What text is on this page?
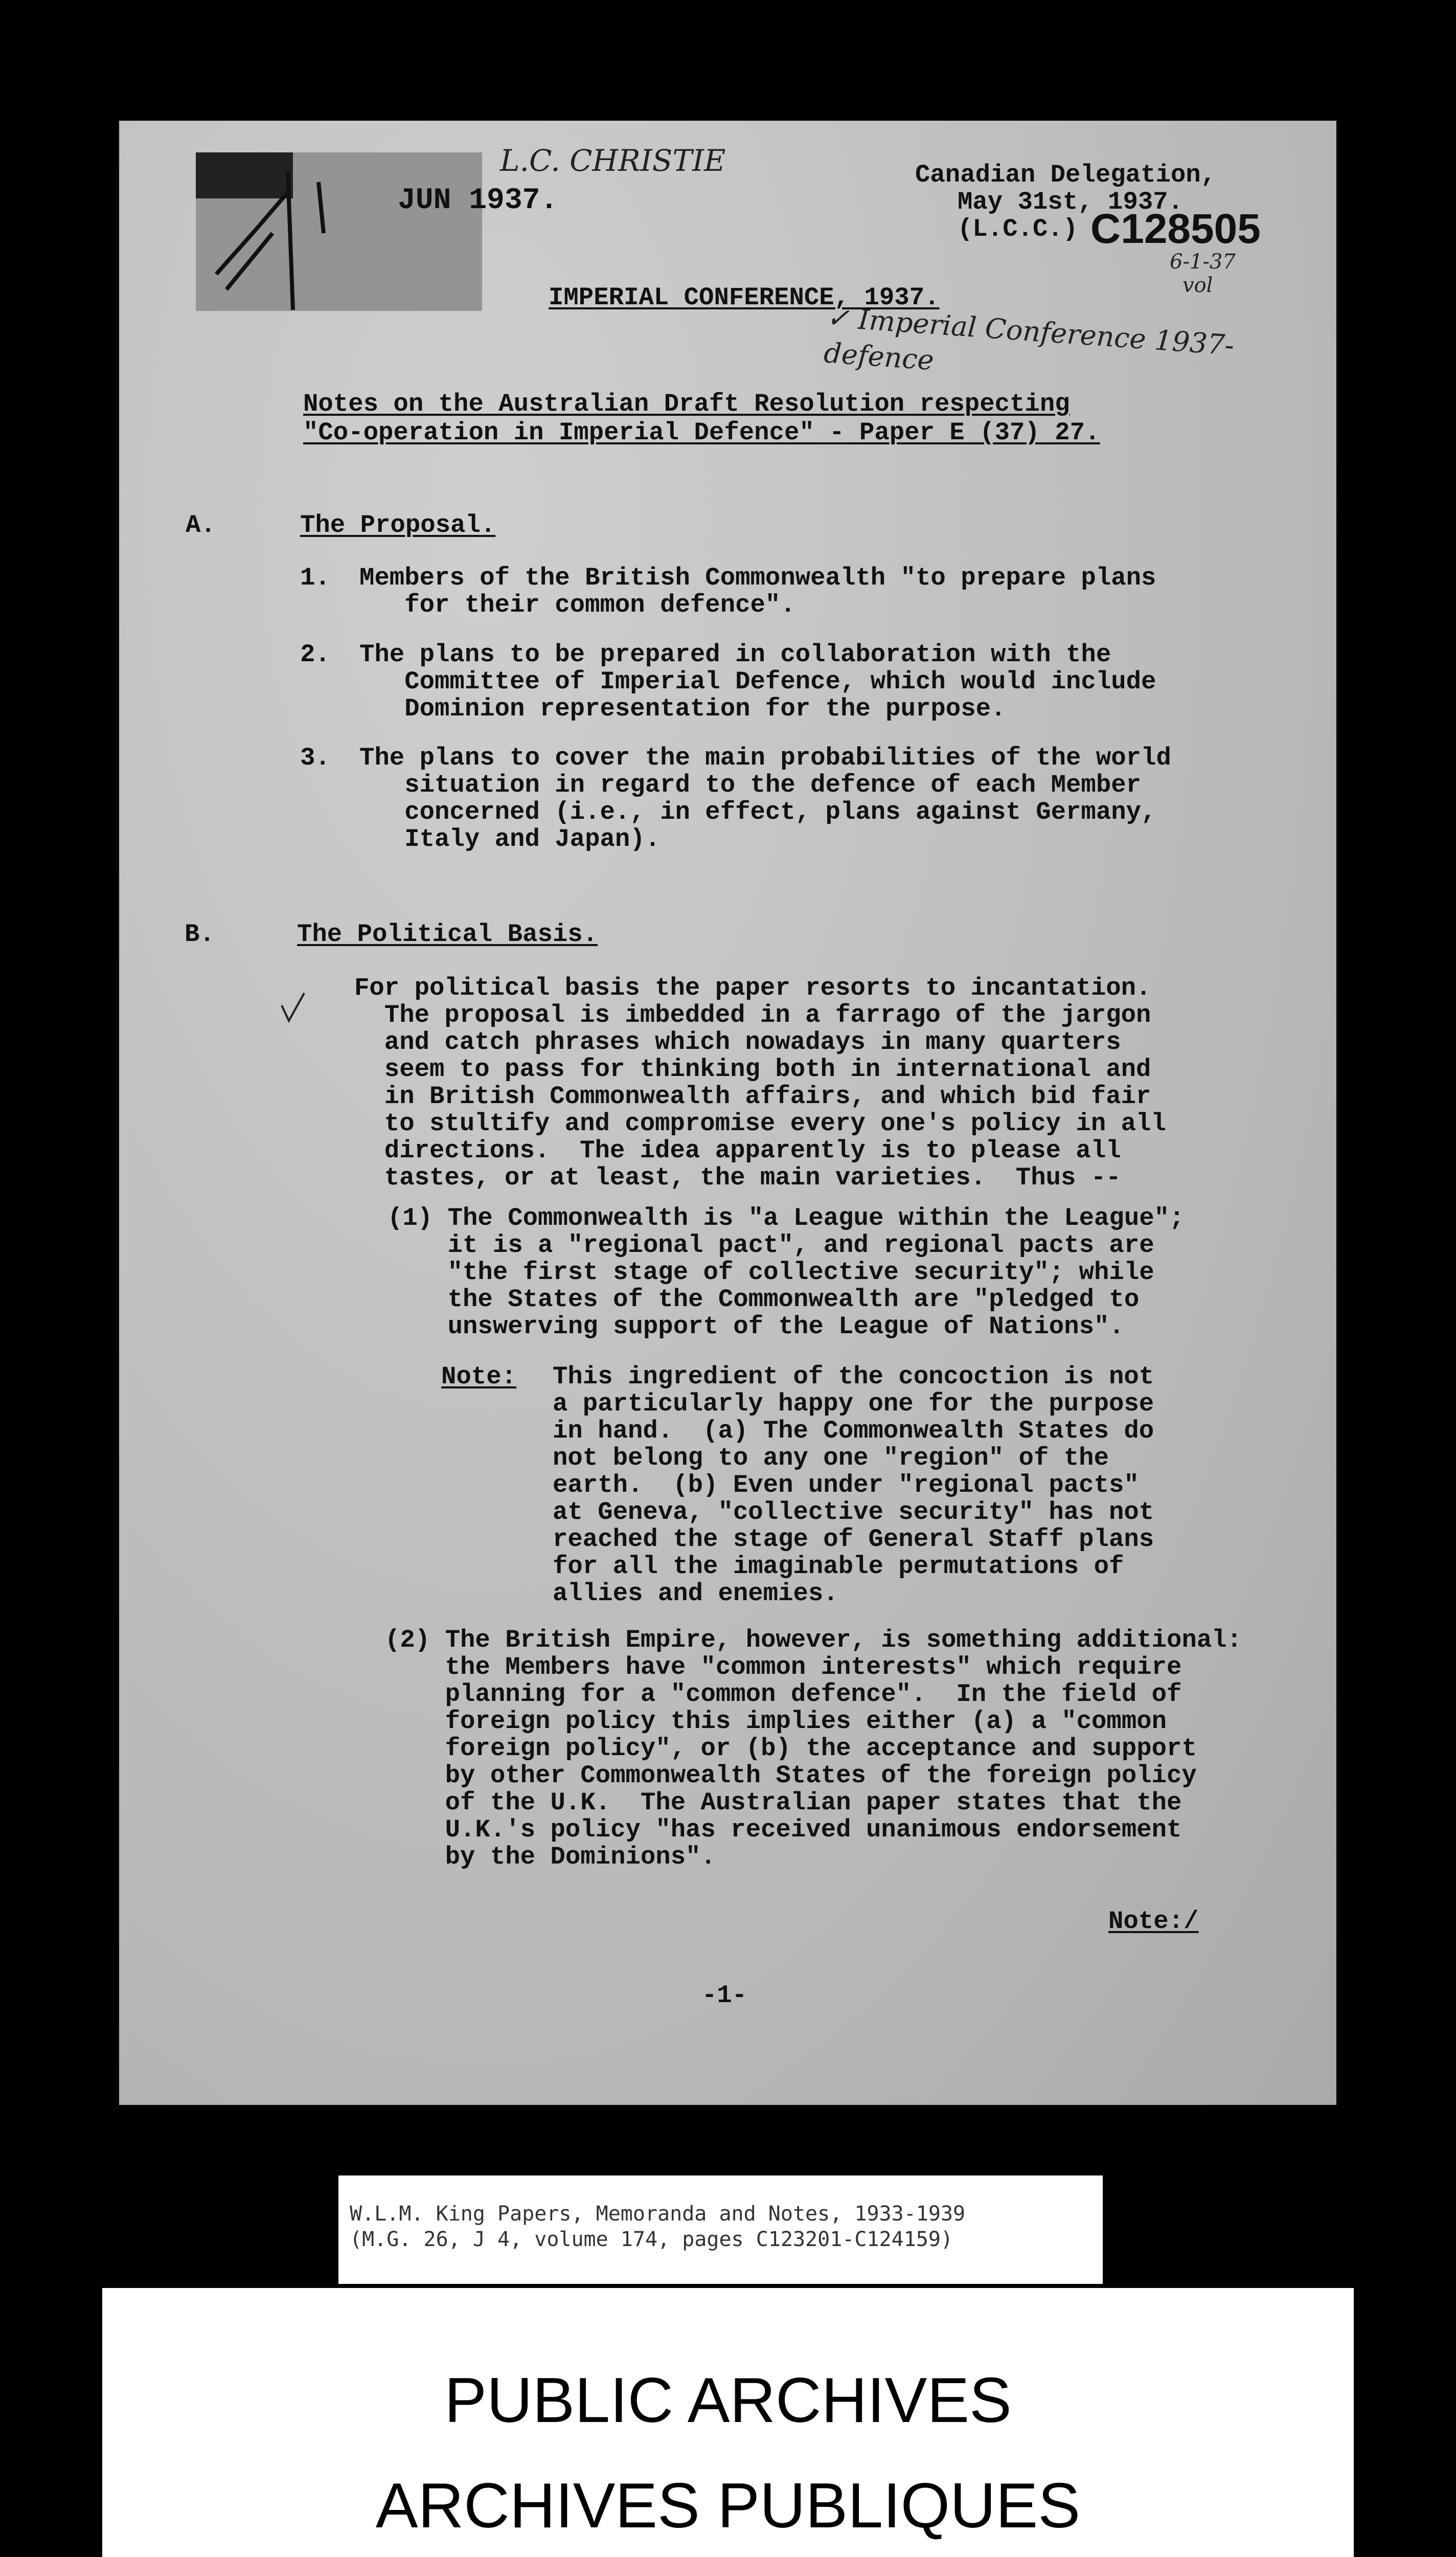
L.C. CHRISTIE
JUN 1937.
Canadian Delegation,
May 31st, 1937.
(L.C.C.) C128505
6-1-37
vol
✓ Imperial Conference 1937- defence
IMPERIAL CONFERENCE, 1937.
Notes on the Australian Draft Resolution respecting
"Co-operation in Imperial Defence" - Paper E (37) 27.
A.	The Proposal.
1. Members of the British Commonwealth "to prepare plans
for their common defence".
2. The plans to be prepared in collaboration with the
Committee of Imperial Defence, which would include
Dominion representation for the purpose.
3. The plans to cover the main probabilities of the world
situation in regard to the defence of each Member
concerned (i.e., in effect, plans against Germany,
Italy and Japan).
B.	The Political Basis.
For political basis the paper resorts to incantation.
The proposal is imbedded in a farrago of the jargon
and catch phrases which nowadays in many quarters
seem to pass for thinking both in international and
in British Commonwealth affairs, and which bid fair
to stultify and compromise every one's policy in all
directions.  The idea apparently is to please all
tastes, or at least, the main varieties.  Thus --
(1) The Commonwealth is "a League within the League";
it is a "regional pact", and regional pacts are
"the first stage of collective security"; while
the States of the Commonwealth are "pledged to
unswerving support of the League of Nations".
Note: This ingredient of the concoction is not
a particularly happy one for the purpose
in hand.  (a) The Commonwealth States do
not belong to any one "region" of the
earth.  (b) Even under "regional pacts"
at Geneva, "collective security" has not
reached the stage of General Staff plans
for all the imaginable permutations of
allies and enemies.
(2) The British Empire, however, is something additional:
the Members have "common interests" which require
planning for a "common defence".  In the field of
foreign policy this implies either (a) a "common
foreign policy", or (b) the acceptance and support
by other Commonwealth States of the foreign policy
of the U.K.  The Australian paper states that the
U.K.'s policy "has received unanimous endorsement
by the Dominions".
Note:/
-1-
W.L.M. King Papers, Memoranda and Notes, 1933-1939
(M.G. 26, J 4, volume 174, pages C123201-C124159)
PUBLIC ARCHIVES
ARCHIVES PUBLIQUES
